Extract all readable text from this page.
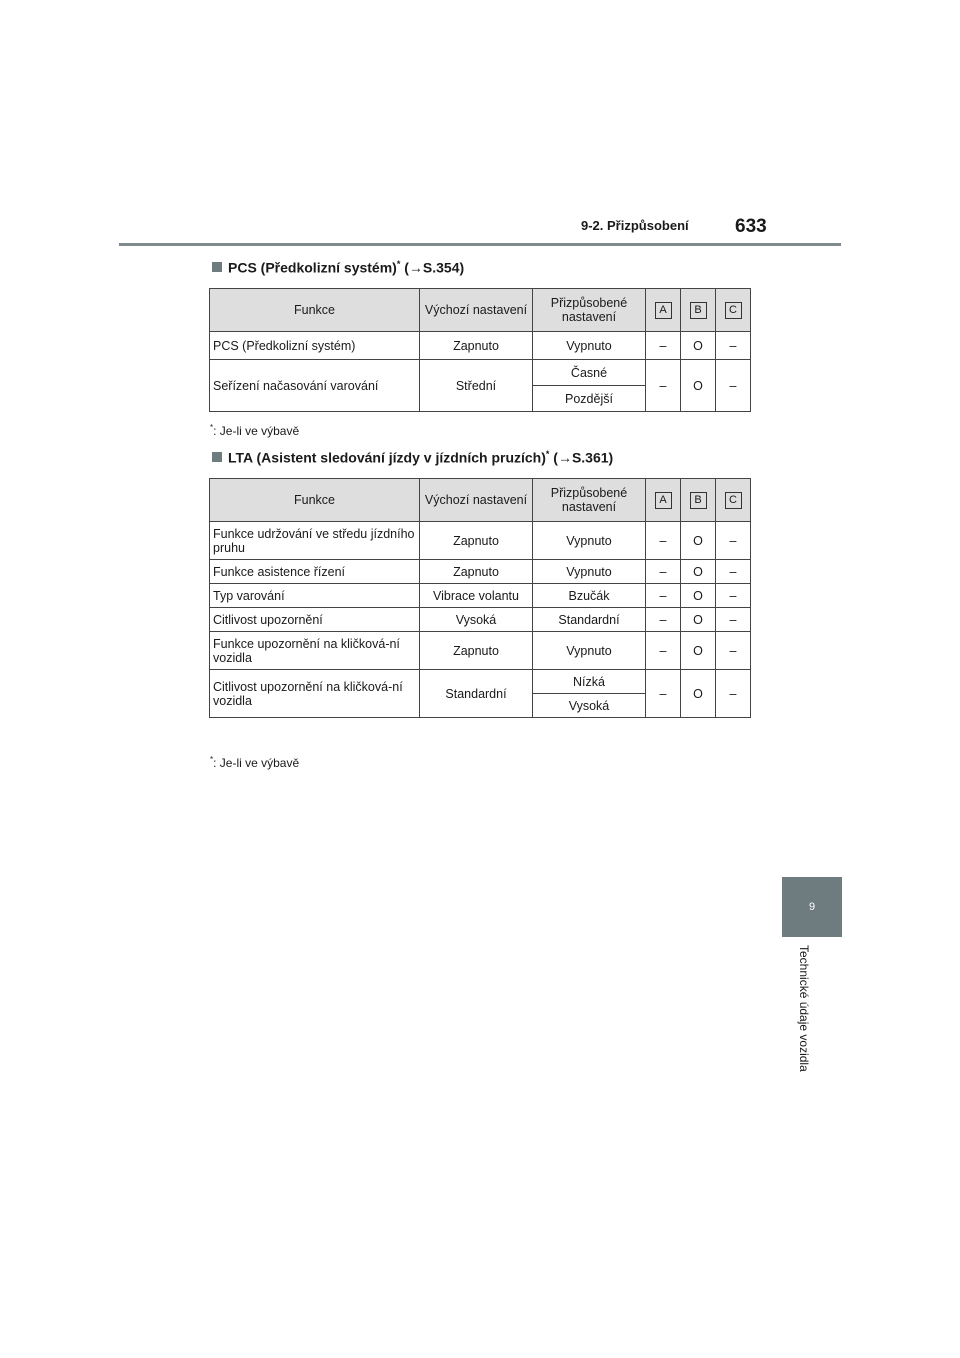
9-2. Přizpůsobení 633
9
Technické údaje vozidla
PCS (Předkolizní systém)* (→S.354)
Funkce	Výchozí nastavení	Přizpůsobené nastavení	A	B	C
PCS (Předkolizní systém)	Zapnuto	Vypnuto	–	O	–
Seřízení načasování varování	Střední	Časné	–	O	–
		Pozdější			
*: Je-li ve výbavě
LTA (Asistent sledování jízdy v jízdních pruzích)* (→S.361)
Funkce	Výchozí nastavení	Přizpůsobené nastavení	A	B	C
Funkce udržování ve středu jízdního pruhu	Zapnuto	Vypnuto	–	O	–
Funkce asistence řízení	Zapnuto	Vypnuto	–	O	–
Typ varování	Vibrace volantu	Bzučák	–	O	–
Citlivost upozornění	Vysoká	Standardní	–	O	–
Funkce upozornění na kličková-ní vozidla	Zapnuto	Vypnuto	–	O	–
Citlivost upozornění na kličková-ní vozidla	Standardní	Nízká	–	O	–
		Vysoká			
*: Je-li ve výbavě
